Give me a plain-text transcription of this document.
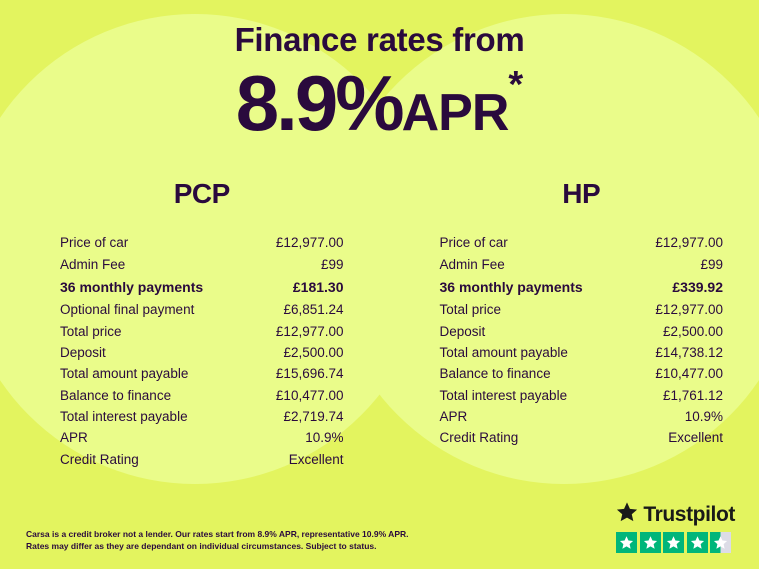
Finance rates from
8.9%APR*
PCP
Price of car	£12,977.00
Admin Fee	£99
36 monthly payments	£181.30
Optional final payment	£6,851.24
Total price	£12,977.00
Deposit	£2,500.00
Total amount payable	£15,696.74
Balance to finance	£10,477.00
Total interest payable	£2,719.74
APR	10.9%
Credit Rating	Excellent
HP
Price of car	£12,977.00
Admin Fee	£99
36 monthly payments	£339.92
Total price	£12,977.00
Deposit	£2,500.00
Total amount payable	£14,738.12
Balance to finance	£10,477.00
Total interest payable	£1,761.12
APR	10.9%
Credit Rating	Excellent
Carsa is a credit broker not a lender. Our rates start from 8.9% APR, representative 10.9% APR.
Rates may differ as they are dependant on individual circumstances. Subject to status.
Trustpilot
